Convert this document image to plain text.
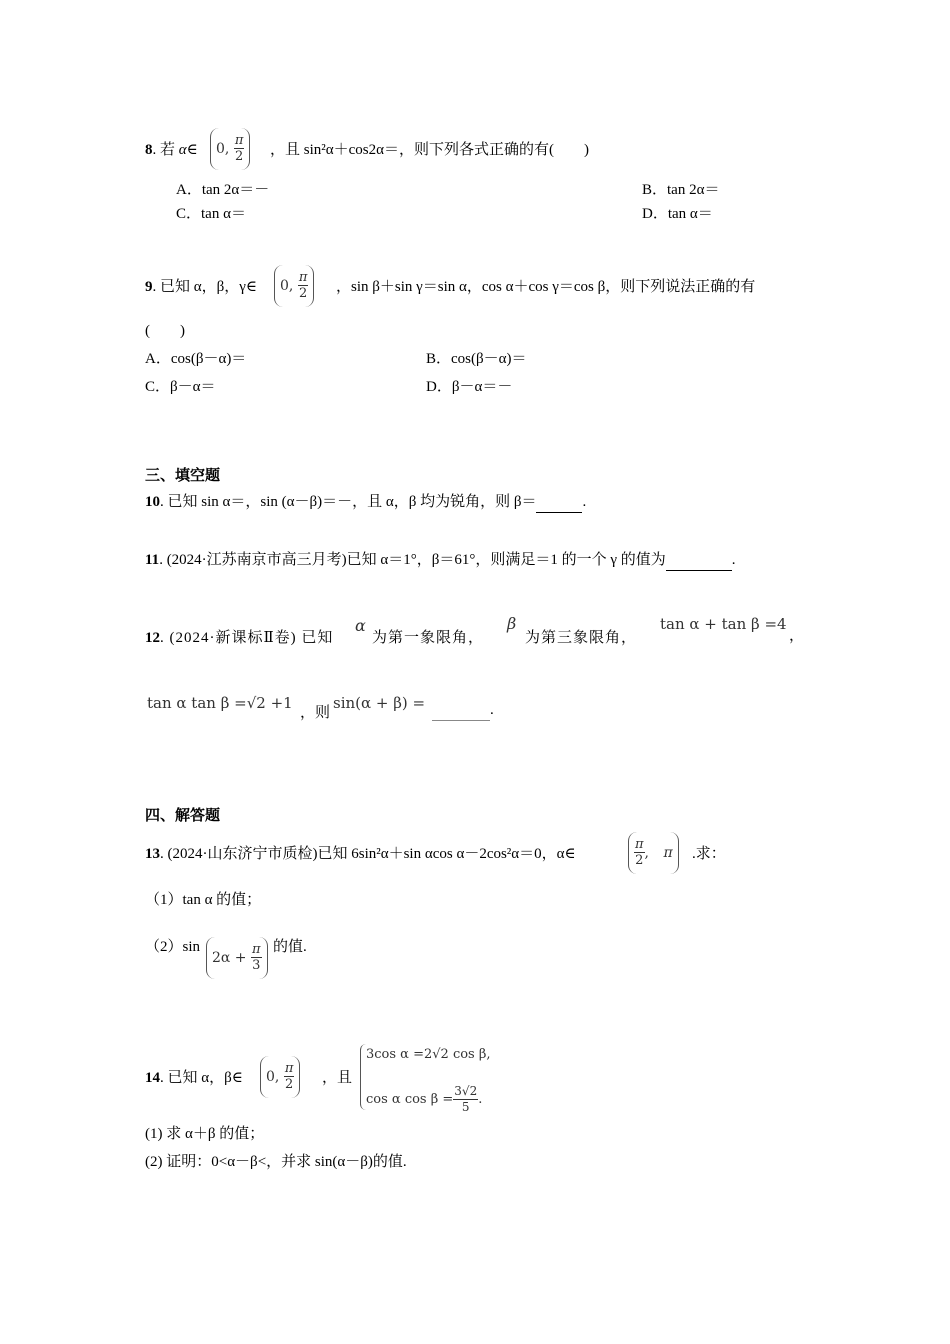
8. 若 α∈	0, $\frac{\pi}{2}$ ，且 sin²α＋cos2α＝，则下列各式正确的有(　　)
A．tan 2α＝－	B．tan 2α＝
C．tan α＝	D．tan α＝
9. 已知 α，β，γ∈	0, $\frac{\pi}{2}$ ，sin β＋sin γ＝sin α，cos α＋cos γ＝cos β，则下列说法正确的有
(　　)
A．cos(β－α)＝	B．cos(β－α)＝
C．β－α＝	D．β－α＝－
三、填空题
10. 已知 sin α＝，sin (α－β)＝－，且 α，β 均为锐角，则 β＝	.
11. (2024·江苏南京市高三月考)已知 α＝1°，β＝61°，则满足＝1 的一个 γ 的值为	.
12. (2024·新课标Ⅱ卷) 已知
α
为第一象限角，
β
为第三象限角，
tan α + tan β =4
，
tan α tan β =√2 +1
，则
sin(α + β) =	.
四、解答题
13. (2024·山东济宁市质检)已知 6sin²α＋sin αcos α－2cos²α＝0，α∈	$\frac{\pi}{2}$ , π	.求：
（1）tan α 的值；
（2）sin
$2\alpha + \frac{\pi}{3}$ 的值.
14. 已知 α，β∈	0, $\frac{\pi}{2}$ ，且
3cos α =2√2 cos β,
cos α $\cos \beta = \frac{3√2}{5}$ .
(1) 求 α＋β 的值；
(2) 证明：0<α－β<，并求 sin(α－β)的值.
